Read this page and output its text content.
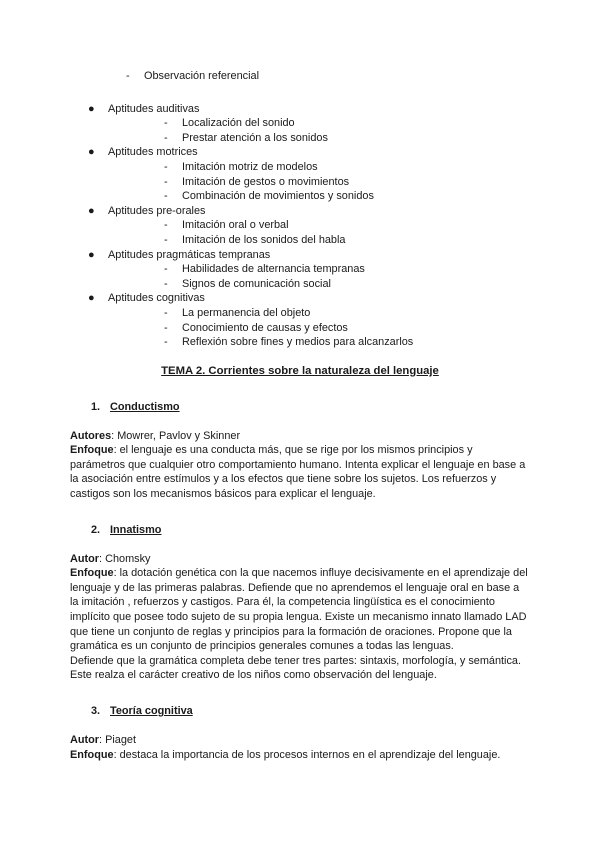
- Observación referencial
● Aptitudes auditivas
- Localización del sonido
- Prestar atención a los sonidos
● Aptitudes motrices
- Imitación motriz de modelos
- Imitación de gestos o movimientos
- Combinación de movimientos y sonidos
● Aptitudes pre-orales
- Imitación oral o verbal
- Imitación de los sonidos del habla
● Aptitudes pragmáticas tempranas
- Habilidades de alternancia tempranas
- Signos de comunicación social
● Aptitudes cognitivas
- La permanencia del objeto
- Conocimiento de causas y efectos
- Reflexión sobre fines y medios para alcanzarlos
TEMA 2. Corrientes sobre la naturaleza del lenguaje
1. Conductismo

Autores: Mowrer, Pavlov y Skinner

Enfoque: el lenguaje es una conducta más, que se rige por los mismos principios y parámetros que cualquier otro comportamiento humano. Intenta explicar el lenguaje en base a la asociación entre estímulos y a los efectos que tiene sobre los sujetos. Los refuerzos y castigos son los mecanismos básicos para explicar el lenguaje.

2. Innatismo

Autor: Chomsky

Enfoque: la dotación genética con la que nacemos influye decisivamente en el aprendizaje del lenguaje y de las primeras palabras. Defiende que no aprendemos el lenguaje oral en base a la imitación , refuerzos y castigos. Para él, la competencia lingüística es el conocimiento implícito que posee todo sujeto de su propia lengua. Existe un mecanismo innato llamado LAD que tiene un conjunto de reglas y principios para la formación de oraciones. Propone que la gramática es un conjunto de principios generales comunes a todas las lenguas.

Defiende que la gramática completa debe tener tres partes: sintaxis, morfología, y semántica. Este realza el carácter creativo de los niños como observación del lenguaje.

3. Teoría cognitiva

Autor: Piaget

Enfoque: destaca la importancia de los procesos internos en el aprendizaje del lenguaje.
